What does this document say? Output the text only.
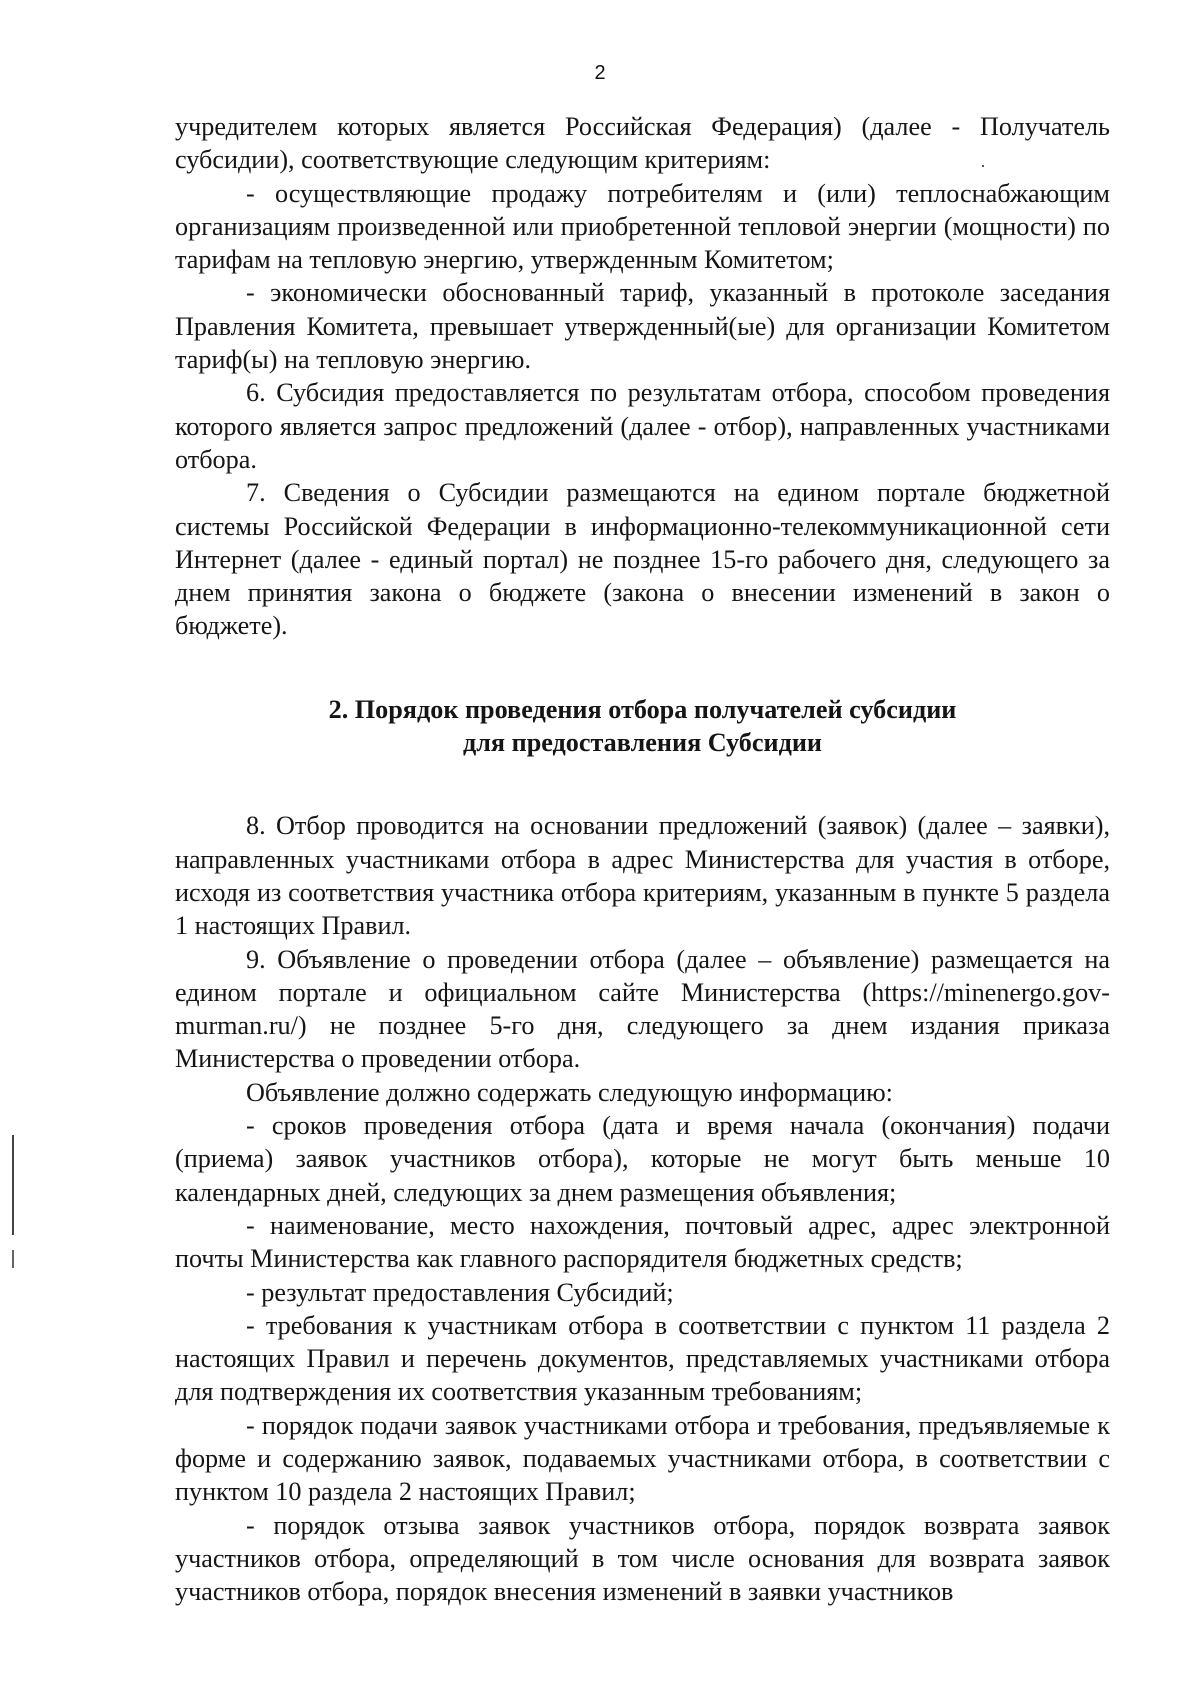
2

учредителем которых является Российская Федерация) (далее - Получатель субсидии), соответствующие следующим критериям:

- осуществляющие продажу потребителям и (или) теплоснабжающим организациям произведенной или приобретенной тепловой энергии (мощности) по тарифам на тепловую энергию, утвержденным Комитетом;

- экономически обоснованный тариф, указанный в протоколе заседания Правления Комитета, превышает утвержденный(ые) для организации Комитетом тариф(ы) на тепловую энергию.

6. Субсидия предоставляется по результатам отбора, способом проведения которого является запрос предложений (далее - отбор), направленных участниками отбора.

7. Сведения о Субсидии размещаются на едином портале бюджетной системы Российской Федерации в информационно-телекоммуникационной сети Интернет (далее - единый портал) не позднее 15-го рабочего дня, следующего за днем принятия закона о бюджете (закона о внесении изменений в закон о бюджете).

2. Порядок проведения отбора получателей субсидии
для предоставления Субсидии

8. Отбор проводится на основании предложений (заявок) (далее – заявки), направленных участниками отбора в адрес Министерства для участия в отборе, исходя из соответствия участника отбора критериям, указанным в пункте 5 раздела 1 настоящих Правил.

9. Объявление о проведении отбора (далее – объявление) размещается на едином портале и официальном сайте Министерства (https://minenergo.gov-murman.ru/) не позднее 5-го дня, следующего за днем издания приказа Министерства о проведении отбора.

Объявление должно содержать следующую информацию:

- сроков проведения отбора (дата и время начала (окончания) подачи (приема) заявок участников отбора), которые не могут быть меньше 10 календарных дней, следующих за днем размещения объявления;

- наименование, место нахождения, почтовый адрес, адрес электронной почты Министерства как главного распорядителя бюджетных средств;

- результат предоставления Субсидий;

- требования к участникам отбора в соответствии с пунктом 11 раздела 2 настоящих Правил и перечень документов, представляемых участниками отбора для подтверждения их соответствия указанным требованиям;

- порядок подачи заявок участниками отбора и требования, предъявляемые к форме и содержанию заявок, подаваемых участниками отбора, в соответствии с пунктом 10 раздела 2 настоящих Правил;

- порядок отзыва заявок участников отбора, порядок возврата заявок участников отбора, определяющий в том числе основания для возврата заявок участников отбора, порядок внесения изменений в заявки участников
